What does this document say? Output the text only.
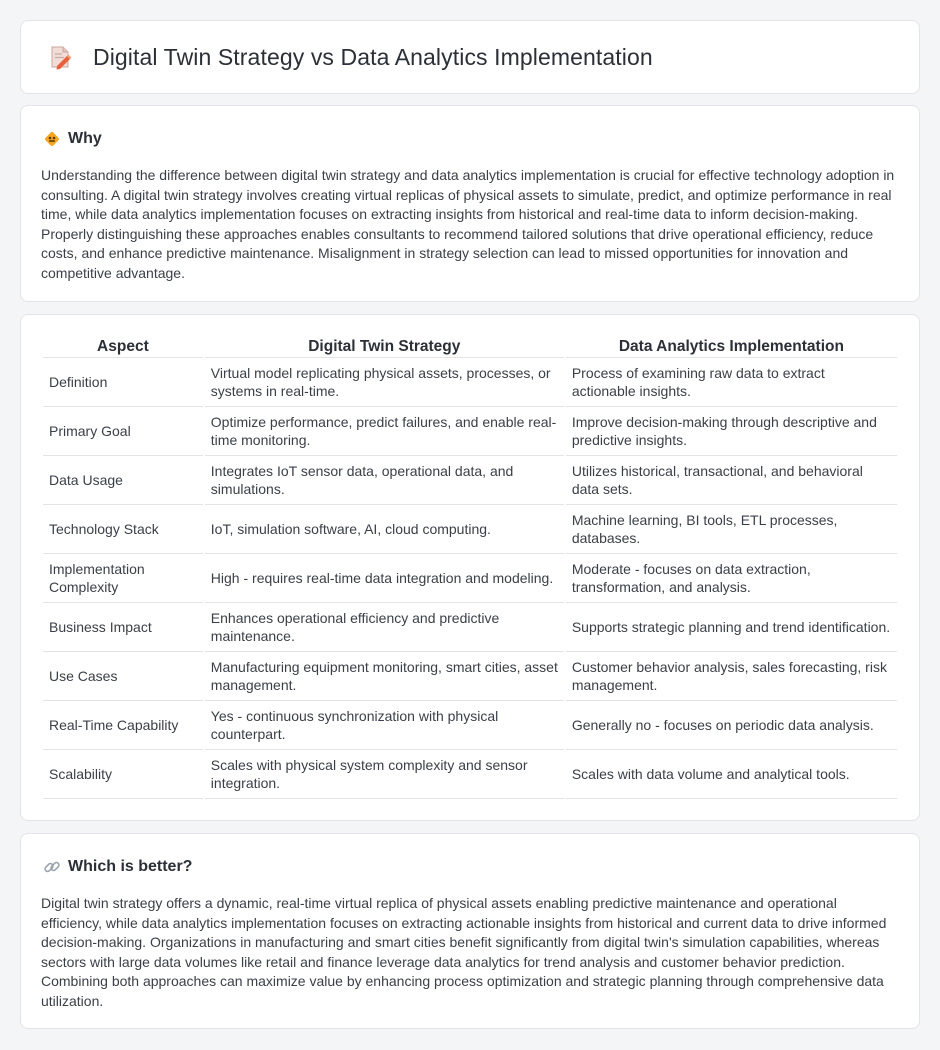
Digital Twin Strategy vs Data Analytics Implementation
Why

Understanding the difference between digital twin strategy and data analytics implementation is crucial for effective technology adoption in consulting. A digital twin strategy involves creating virtual replicas of physical assets to simulate, predict, and optimize performance in real time, while data analytics implementation focuses on extracting insights from historical and real-time data to inform decision-making. Properly distinguishing these approaches enables consultants to recommend tailored solutions that drive operational efficiency, reduce costs, and enhance predictive maintenance. Misalignment in strategy selection can lead to missed opportunities for innovation and competitive advantage.

Aspect	Digital Twin Strategy	Data Analytics Implementation
Definition	Virtual model replicating physical assets, processes, or systems in real-time.	Process of examining raw data to extract actionable insights.
Primary Goal	Optimize performance, predict failures, and enable real-time monitoring.	Improve decision-making through descriptive and predictive insights.
Data Usage	Integrates IoT sensor data, operational data, and simulations.	Utilizes historical, transactional, and behavioral data sets.
Technology Stack	IoT, simulation software, AI, cloud computing.	Machine learning, BI tools, ETL processes, databases.
Implementation Complexity	High - requires real-time data integration and modeling.	Moderate - focuses on data extraction, transformation, and analysis.
Business Impact	Enhances operational efficiency and predictive maintenance.	Supports strategic planning and trend identification.
Use Cases	Manufacturing equipment monitoring, smart cities, asset management.	Customer behavior analysis, sales forecasting, risk management.
Real-Time Capability	Yes - continuous synchronization with physical counterpart.	Generally no - focuses on periodic data analysis.
Scalability	Scales with physical system complexity and sensor integration.	Scales with data volume and analytical tools.
Which is better?

Digital twin strategy offers a dynamic, real-time virtual replica of physical assets enabling predictive maintenance and operational efficiency, while data analytics implementation focuses on extracting actionable insights from historical and current data to drive informed decision-making. Organizations in manufacturing and smart cities benefit significantly from digital twin's simulation capabilities, whereas sectors with large data volumes like retail and finance leverage data analytics for trend analysis and customer behavior prediction. Combining both approaches can maximize value by enhancing process optimization and strategic planning through comprehensive data utilization.
